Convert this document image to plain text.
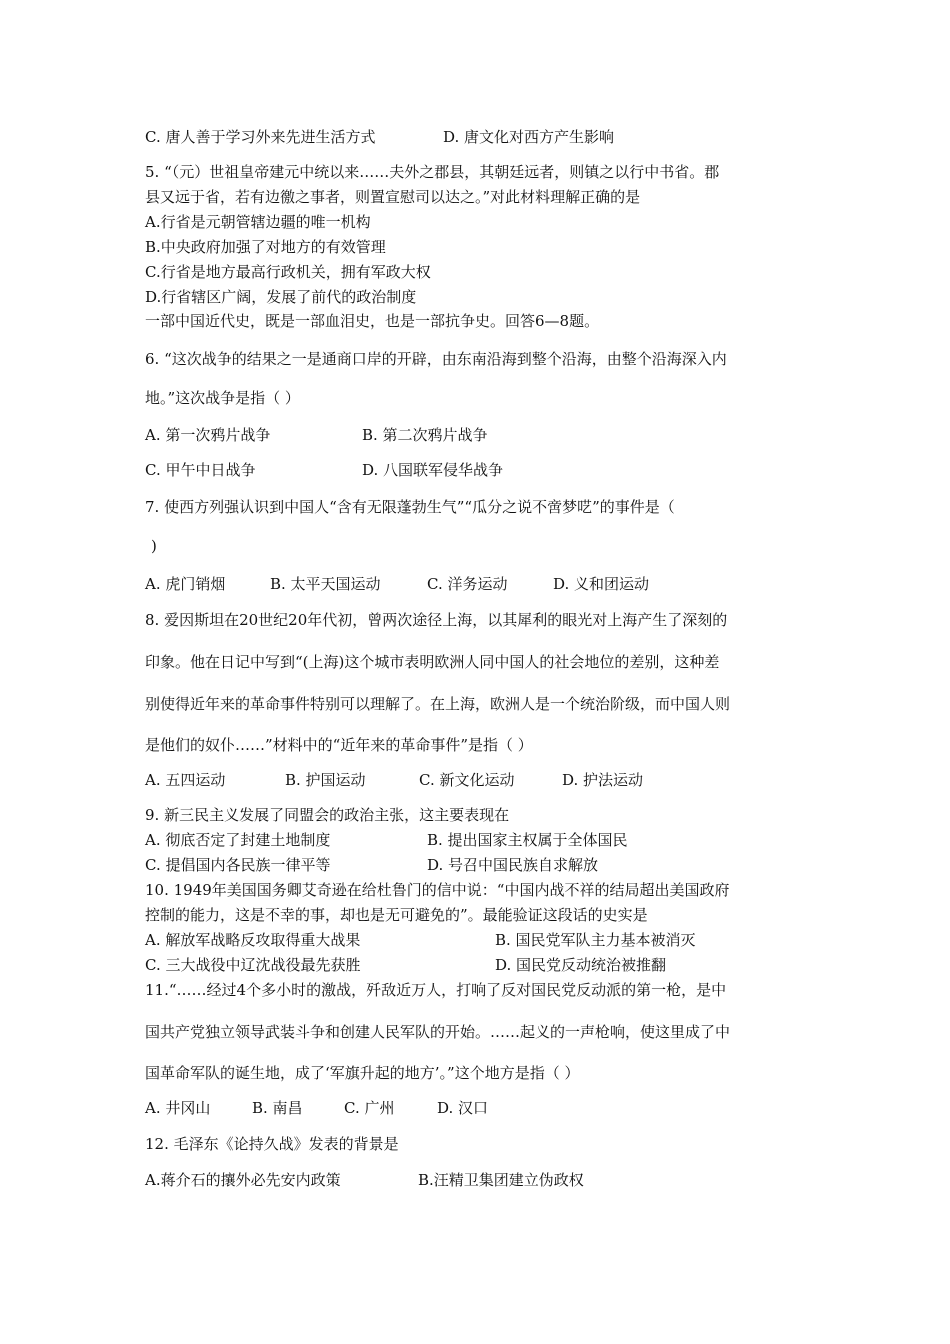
C. 唐人善于学习外来先进生活方式	D. 唐文化对西方产生影响
5. “（元）世祖皇帝建元中统以来……夫外之郡县，其朝廷远者，则镇之以行中书省。郡
县又远于省，若有边徼之事者，则置宣慰司以达之。”对此材料理解正确的是
A.行省是元朝管辖边疆的唯一机构
B.中央政府加强了对地方的有效管理
C.行省是地方最高行政机关，拥有军政大权
D.行省辖区广阔，发展了前代的政治制度
一部中国近代史，既是一部血泪史，也是一部抗争史。回答6—8题。
6. “这次战争的结果之一是通商口岸的开辟，由东南沿海到整个沿海，由整个沿海深入内
地。”这次战争是指（ ）
A. 第一次鸦片战争	B. 第二次鸦片战争
C. 甲午中日战争	D. 八国联军侵华战争
7. 使西方列强认识到中国人“含有无限蓬勃生气”“瓜分之说不啻梦呓”的事件是（
)
A. 虎门销烟	B. 太平天国运动	C. 洋务运动	D. 义和团运动
8. 爱因斯坦在20世纪20年代初，曾两次途径上海，以其犀利的眼光对上海产生了深刻的
印象。他在日记中写到“(上海)这个城市表明欧洲人同中国人的社会地位的差别，这种差
别使得近年来的革命事件特别可以理解了。在上海，欧洲人是一个统治阶级，而中国人则
是他们的奴仆……”材料中的“近年来的革命事件”是指（ ）
A. 五四运动	B. 护国运动	C. 新文化运动	D. 护法运动
9. 新三民主义发展了同盟会的政治主张，这主要表现在
A. 彻底否定了封建土地制度	B. 提出国家主权属于全体国民
C. 提倡国内各民族一律平等	D. 号召中国民族自求解放
10. 1949年美国国务卿艾奇逊在给杜鲁门的信中说：“中国内战不祥的结局超出美国政府
控制的能力，这是不幸的事，却也是无可避免的”。最能验证这段话的史实是
A. 解放军战略反攻取得重大战果	B. 国民党军队主力基本被消灭
C. 三大战役中辽沈战役最先获胜	D. 国民党反动统治被推翻
11.“……经过4个多小时的激战，歼敌近万人，打响了反对国民党反动派的第一枪，是中
国共产党独立领导武装斗争和创建人民军队的开始。……起义的一声枪响，使这里成了中
国革命军队的诞生地，成了‘军旗升起的地方’。”这个地方是指（ ）
A. 井冈山	B. 南昌	C. 广州	D. 汉口
12. 毛泽东《论持久战》发表的背景是
A.蒋介石的攘外必先安内政策	B.汪精卫集团建立伪政权
